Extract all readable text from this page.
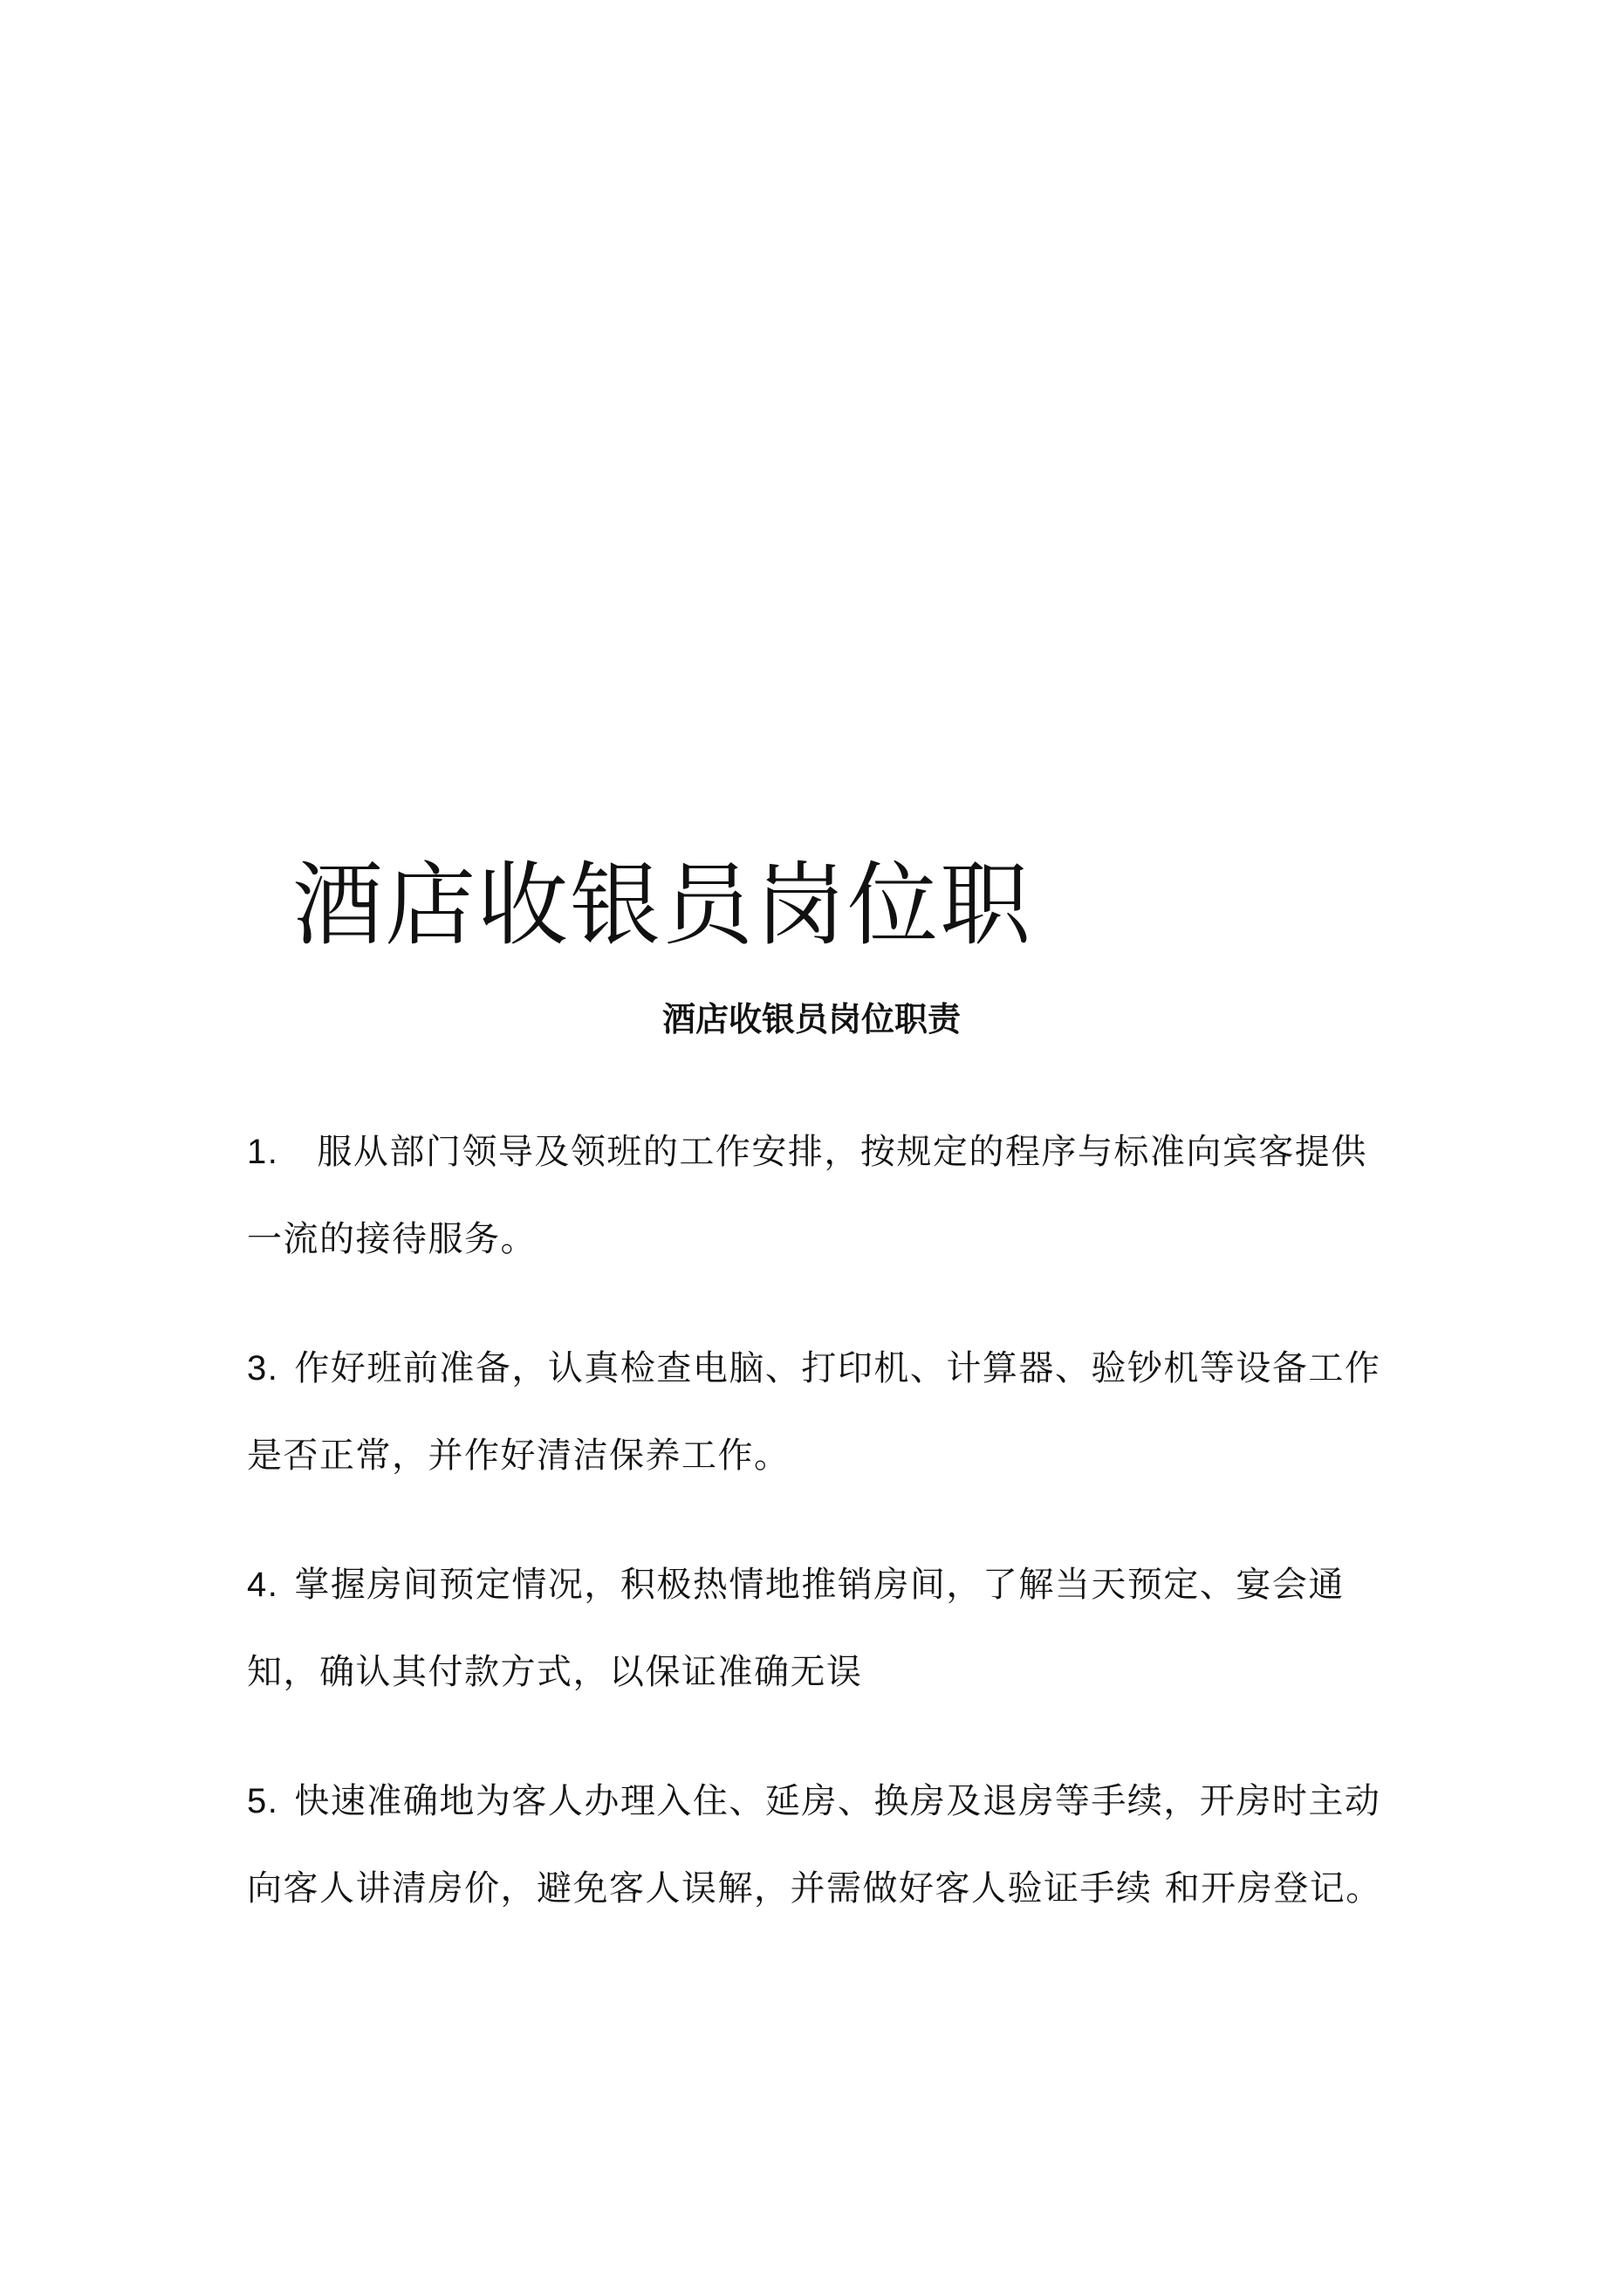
酒店收银员岗位职
酒店收银员岗位职责

1. 服从部门领导及领班的工作安排，按规定的程序与标准向宾客提供一流的接待服务。

3. 作好班前准备，认真检查电脑、打印机、计算器、验钞机等设备工作是否正常，并作好清洁保养工作。

4. 掌握房间预定情况，积极热情地推销房间，了解当天预定、宴会通知，确认其付款方式，以保证准确无误

5. 快速准确地为客人办理入住、延房、换房及退房等手续，开房时主动向客人讲清房价，避免客人误解，并需做好客人验证手续 和开房登记。
